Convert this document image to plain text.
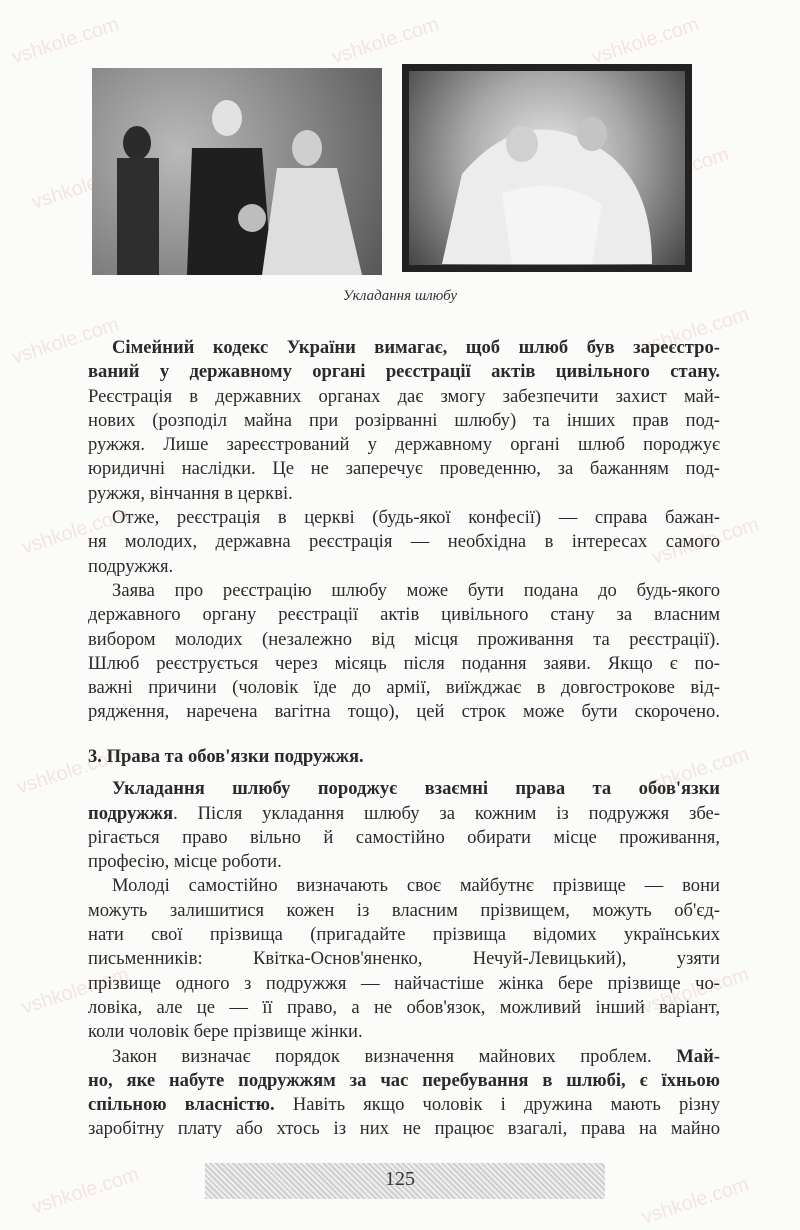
vshkole.com	vshkole.com	vshkole.com
vshkole.com
vshkole.com	vshkole.com
vshkole.com	vshkole.com
vshkole.com	vshkole.com
vshkole.com	vshkole.com
vshkole.com	vshkole.com
Укладання шлюбу
Сімейний кодекс України вимагає, щоб шлюб був зареєстро-
ваний у державному органі реєстрації актів цивільного стану.
Реєстрація в державних органах дає змогу забезпечити захист май-
нових (розподіл майна при розірванні шлюбу) та інших прав под-
ружжя. Лише зареєстрований у державному органі шлюб породжує
юридичні наслідки. Це не заперечує проведенню, за бажанням под-
ружжя, вінчання в церкві.
Отже, реєстрація в церкві (будь-якої конфесії) — справа бажан-
ня молодих, державна реєстрація — необхідна в інтересах самого
подружжя.
Заява про реєстрацію шлюбу може бути подана до будь-якого
державного органу реєстрації актів цивільного стану за власним
вибором молодих (незалежно від місця проживання та реєстрації).
Шлюб реєструється через місяць після подання заяви. Якщо є по-
важні причини (чоловік їде до армії, виїжджає в довгострокове від-
рядження, наречена вагітна тощо), цей строк може бути скорочено.
3. Права та обов'язки подружжя.
Укладання шлюбу породжує взаємні права та обов'язки
подружжя. Після укладання шлюбу за кожним із подружжя збе-
рігається право вільно й самостійно обирати місце проживання,
професію, місце роботи.
Молоді самостійно визначають своє майбутнє прізвище — вони
можуть залишитися кожен із власним прізвищем, можуть об'єд-
нати свої прізвища (пригадайте прізвища відомих українських
письменників: Квітка-Основ'яненко, Нечуй-Левицький), узяти
прізвище одного з подружжя — найчастіше жінка бере прізвище чо-
ловіка, але це — її право, а не обов'язок, можливий інший варіант,
коли чоловік бере прізвище жінки.
Закон визначає порядок визначення майнових проблем. Май-
но, яке набуте подружжям за час перебування в шлюбі, є їхньою
спільною власністю. Навіть якщо чоловік і дружина мають різну
заробітну плату або хтось із них не працює взагалі, права на майно
125
